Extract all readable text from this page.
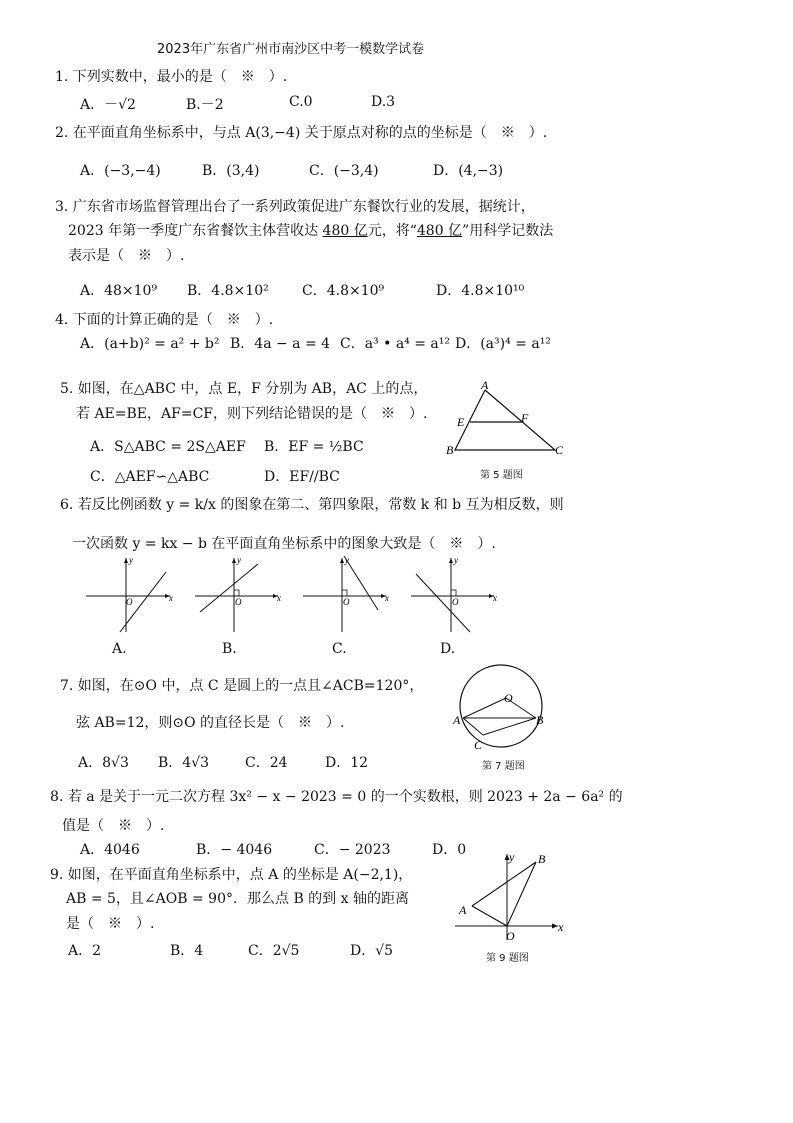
2023年广东省广州市南沙区中考一模数学试卷
1. 下列实数中，最小的是（　※　）.
A．－√2	B.－2	C.0	D.3
2. 在平面直角坐标系中，与点 A(3,−4) 关于原点对称的点的坐标是（　※　）.
A．(−3,−4)	B．(3,4)	C．(−3,4)	D．(4,−3)
3. 广东省市场监督管理出台了一系列政策促进广东餐饮行业的发展，据统计，
2023 年第一季度广东省餐饮主体营收达 480 亿元，将“480 亿”用科学记数法
表示是（　※　）.
A．48×10⁹ B．4.8×10² C．4.8×10⁹	D．4.8×10¹⁰
4. 下面的计算正确的是（　※　）.
A．(a+b)² = a² + b² B．4a − a = 4 C．a³ • a⁴ = a¹² D．(a³)⁴ = a¹²
5. 如图，在△ABC 中，点 E，F 分别为 AB，AC 上的点，
若 AE=BE，AF=CF，则下列结论错误的是（　※　）.
A．S△ABC = 2S△AEF B．EF = ½BC
C．△AEF∽△ABC	D．EF//BC
A
E	F
B	C
第 5 题图
6. 若反比例函数 y = k/x 的图象在第二、第四象限，常数 k 和 b 互为相反数，则
一次函数 y = kx − b 在平面直角坐标系中的图象大致是（　※　）.
y
x
O
y
x
O
y
x
O
y
x
O
A.	B.	C.	D.
7. 如图，在⊙O 中，点 C 是圆上的一点且∠ACB=120°，
弦 AB=12，则⊙O 的直径长是（　※　）.
A．8√3 B．4√3	C．24	D．12
O
A	B
C
第 7 题图
8. 若 a 是关于一元二次方程 3x² − x − 2023 = 0 的一个实数根，则 2023 + 2a − 6a² 的
值是（　※　）.
A．4046	B．− 4046	C．− 2023	D．0
9. 如图，在平面直角坐标系中，点 A 的坐标是 A(−2,1)，
AB = 5，且∠AOB = 90°．那么点 B 的到 x 轴的距离
是（　※　）.
A．2	B．4	C．2√5	D．√5
y
x
B
A
O
第 9 题图
